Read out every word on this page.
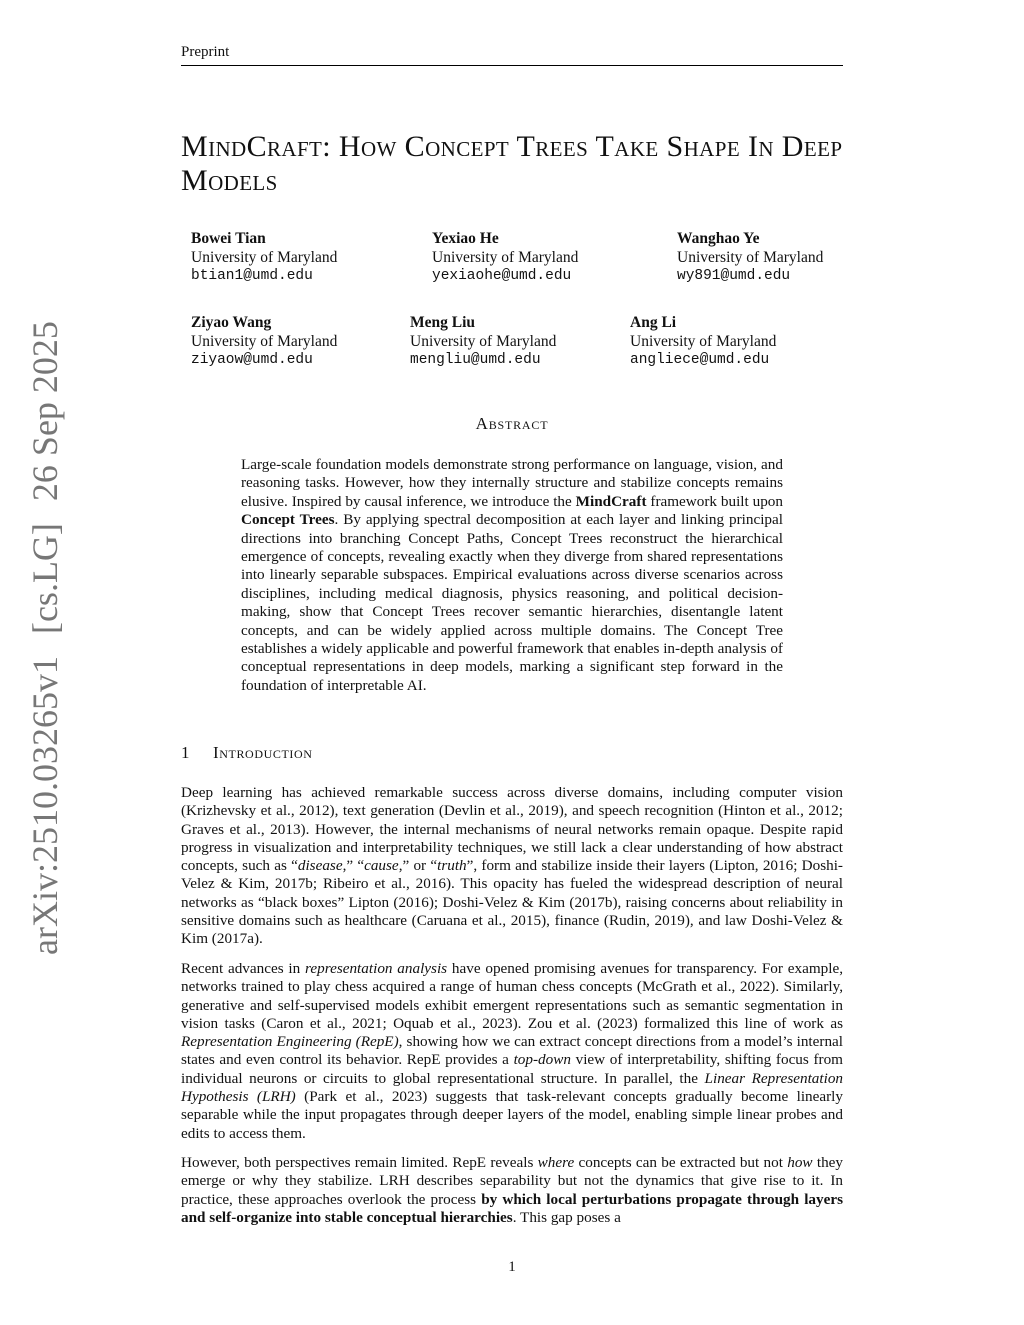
Preprint
arXiv:2510.03265v1[cs.LG]26 Sep 2025
MindCraft: How Concept Trees Take Shape In Deep Models
Bowei Tian
University of Maryland
btian1@umd.edu
Yexiao He
University of Maryland
yexiaohe@umd.edu
Wanghao Ye
University of Maryland
wy891@umd.edu
Ziyao Wang
University of Maryland
ziyaow@umd.edu
Meng Liu
University of Maryland
mengliu@umd.edu
Ang Li
University of Maryland
angliece@umd.edu
Abstract
Large-scale foundation models demonstrate strong performance on language, vision, and reasoning tasks. However, how they internally structure and stabilize concepts remains elusive. Inspired by causal inference, we introduce the MindCraft framework built upon Concept Trees. By applying spectral decomposition at each layer and linking principal directions into branching Concept Paths, Concept Trees reconstruct the hierarchical emergence of concepts, revealing exactly when they diverge from shared representations into linearly separable subspaces. Empirical evaluations across diverse scenarios across disciplines, including medical diagnosis, physics reasoning, and political decision-making, show that Concept Trees recover semantic hierarchies, disentangle latent concepts, and can be widely applied across multiple domains. The Concept Tree establishes a widely applicable and powerful framework that enables in-depth analysis of conceptual representations in deep models, marking a significant step forward in the foundation of interpretable AI.
1 Introduction

Deep learning has achieved remarkable success across diverse domains, including computer vision (Krizhevsky et al., 2012), text generation (Devlin et al., 2019), and speech recognition (Hinton et al., 2012; Graves et al., 2013). However, the internal mechanisms of neural networks remain opaque. Despite rapid progress in visualization and interpretability techniques, we still lack a clear understanding of how abstract concepts, such as “disease,” “cause,” or “truth”, form and stabilize inside their layers (Lipton, 2016; Doshi-Velez & Kim, 2017b; Ribeiro et al., 2016). This opacity has fueled the widespread description of neural networks as “black boxes” Lipton (2016); Doshi-Velez & Kim (2017b), raising concerns about reliability in sensitive domains such as healthcare (Caruana et al., 2015), finance (Rudin, 2019), and law Doshi-Velez & Kim (2017a).

Recent advances in representation analysis have opened promising avenues for transparency. For example, networks trained to play chess acquired a range of human chess concepts (McGrath et al., 2022). Similarly, generative and self-supervised models exhibit emergent representations such as semantic segmentation in vision tasks (Caron et al., 2021; Oquab et al., 2023). Zou et al. (2023) formalized this line of work as Representation Engineering (RepE), showing how we can extract concept directions from a model’s internal states and even control its behavior. RepE provides a top-down view of interpretability, shifting focus from individual neurons or circuits to global representational structure. In parallel, the Linear Representation Hypothesis (LRH) (Park et al., 2023) suggests that task-relevant concepts gradually become linearly separable while the input propagates through deeper layers of the model, enabling simple linear probes and edits to access them.

However, both perspectives remain limited. RepE reveals where concepts can be extracted but not how they emerge or why they stabilize. LRH describes separability but not the dynamics that give rise to it. In practice, these approaches overlook the process by which local perturbations propagate through layers and self-organize into stable conceptual hierarchies. This gap poses a

1
